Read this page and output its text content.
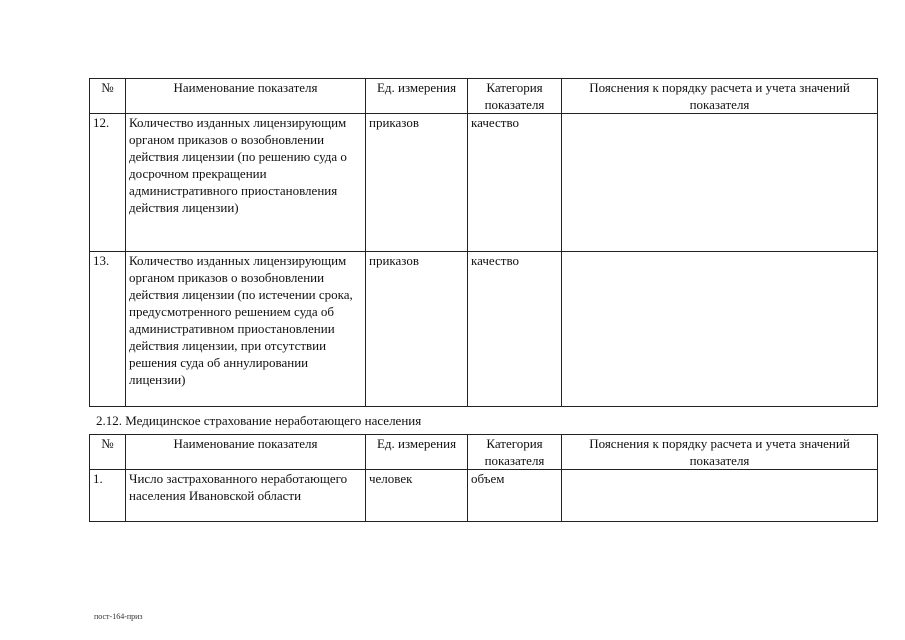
№	Наименование показателя	Ед. измерения	Категория показателя	Пояснения к порядку расчета и учета значений показателя
12.	Количество изданных лицензирующим органом приказов о возобновлении действия лицензии (по решению суда о досрочном прекращении административного приостановления действия лицензии)	приказов	качество	
13.	Количество изданных лицензирующим органом приказов о возобновлении действия лицензии (по истечении срока, предусмотренного решением суда об административном приостановлении действия лицензии, при отсутствии решения суда об аннулировании лицензии)	приказов	качество	
2.12. Медицинское страхование неработающего населения
№	Наименование показателя	Ед. измерения	Категория показателя	Пояснения к порядку расчета и учета значений показателя
1.	Число застрахованного неработающего населения Ивановской области	человек	объем	
пост-164-приз
